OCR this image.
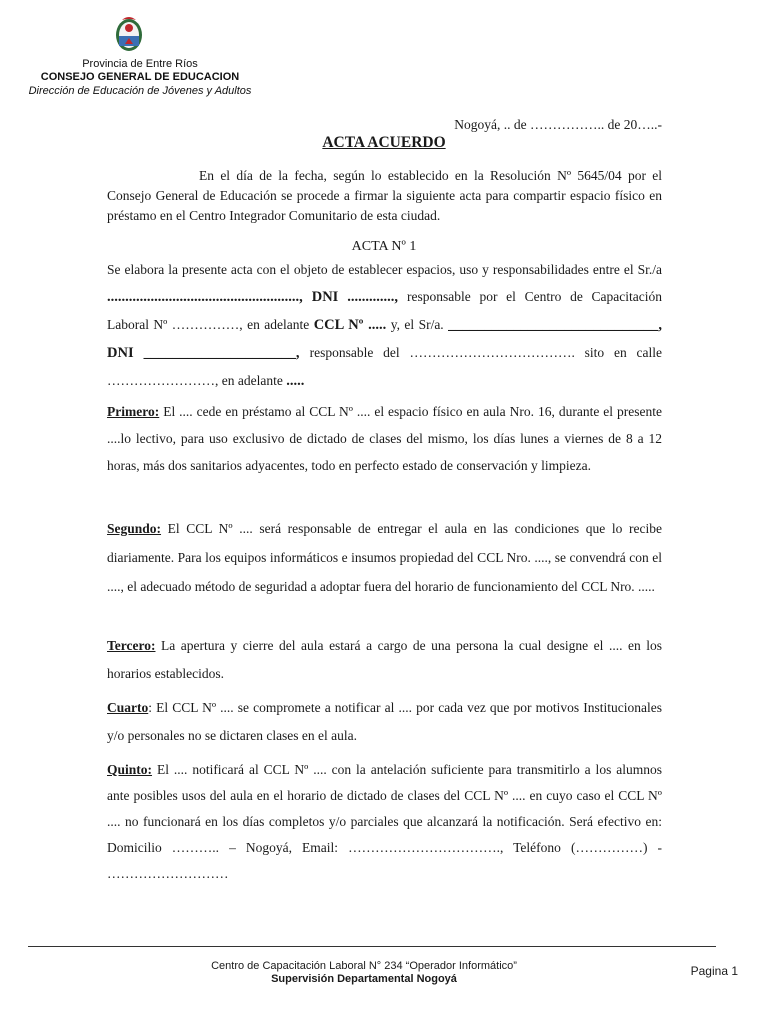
Provincia de Entre Ríos
CONSEJO GENERAL DE EDUCACION
Dirección de Educación de Jóvenes y Adultos
Nogoyá, .. de …………….. de 20…..-
ACTA ACUERDO
En el día de la fecha, según lo establecido en la Resolución Nº 5645/04 por el Consejo General de Educación se procede a firmar la siguiente acta para compartir espacio físico en préstamo en el Centro Integrador Comunitario de esta ciudad.
ACTA Nº 1
Se elabora la presente acta con el objeto de establecer espacios, uso y responsabilidades entre el Sr./a ....................................................., DNI ............., responsable por el Centro de Capacitación Laboral Nº ……………, en adelante CCL Nº ..... y, el Sr/a. _____________________________, DNI _____________________, responsable del ………………………………. sito en calle ……………………, en adelante .....
Primero: El .... cede en préstamo al CCL Nº .... el espacio físico en aula Nro. 16, durante el presente ....lo lectivo, para uso exclusivo de dictado de clases del mismo, los días lunes a viernes de 8 a 12 horas, más dos sanitarios adyacentes, todo en perfecto estado de conservación y limpieza.
Segundo: El CCL Nº .... será responsable de entregar el aula en las condiciones que lo recibe diariamente. Para los equipos informáticos e insumos propiedad del CCL Nro. ...., se convendrá con el ...., el adecuado método de seguridad a adoptar fuera del horario de funcionamiento del CCL Nro. .....
Tercero: La apertura y cierre del aula estará a cargo de una persona la cual designe el .... en los horarios establecidos.
Cuarto: El CCL Nº .... se compromete a notificar al .... por cada vez que por motivos Institucionales y/o personales no se dictaren clases en el aula.
Quinto: El .... notificará al CCL Nº .... con la antelación suficiente para transmitirlo a los alumnos ante posibles usos del aula en el horario de dictado de clases del CCL Nº .... en cuyo caso el CCL Nº .... no funcionará en los días completos y/o parciales que alcanzará la notificación. Será efectivo en: Domicilio ……….. – Nogoyá, Email: ……………………………., Teléfono (……………) - ………………………
Centro de Capacitación Laboral N° 234 “Operador Informático”
Supervisión Departamental Nogoyá
Pagina 1
